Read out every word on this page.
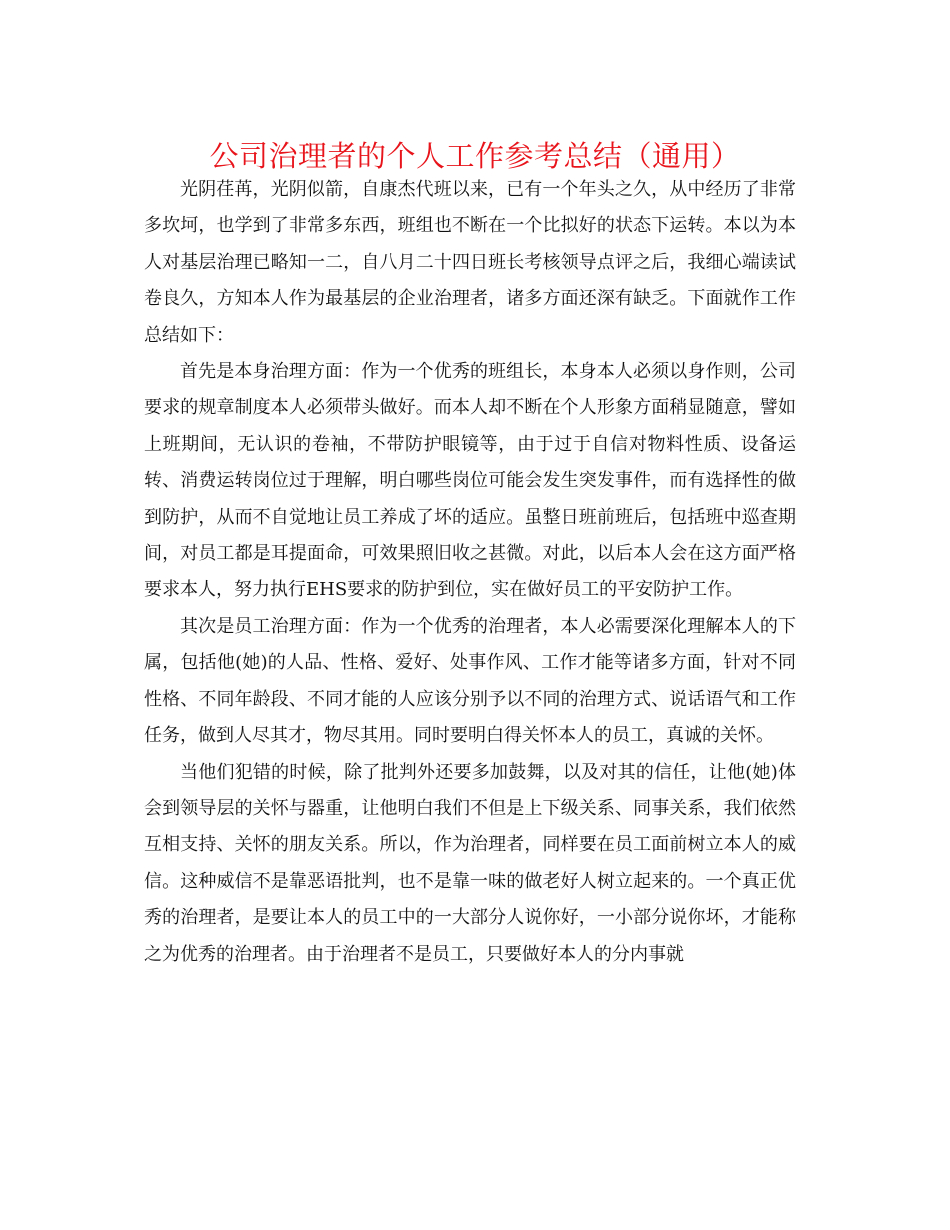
公司治理者的个人工作参考总结（通用）

光阴荏苒，光阴似箭，自康杰代班以来，已有一个年头之久，从中经历了非常多坎坷，也学到了非常多东西，班组也不断在一个比拟好的状态下运转。本以为本人对基层治理已略知一二，自八月二十四日班长考核领导点评之后，我细心端读试卷良久，方知本人作为最基层的企业治理者，诸多方面还深有缺乏。下面就作工作总结如下：

首先是本身治理方面：作为一个优秀的班组长，本身本人必须以身作则，公司要求的规章制度本人必须带头做好。而本人却不断在个人形象方面稍显随意，譬如上班期间，无认识的卷袖，不带防护眼镜等，由于过于自信对物料性质、设备运转、消费运转岗位过于理解，明白哪些岗位可能会发生突发事件，而有选择性的做到防护，从而不自觉地让员工养成了坏的适应。虽整日班前班后，包括班中巡查期间，对员工都是耳提面命，可效果照旧收之甚微。对此，以后本人会在这方面严格要求本人，努力执行EHS要求的防护到位，实在做好员工的平安防护工作。

其次是员工治理方面：作为一个优秀的治理者，本人必需要深化理解本人的下属，包括他(她)的人品、性格、爱好、处事作风、工作才能等诸多方面，针对不同性格、不同年龄段、不同才能的人应该分别予以不同的治理方式、说话语气和工作任务，做到人尽其才，物尽其用。同时要明白得关怀本人的员工，真诚的关怀。

当他们犯错的时候，除了批判外还要多加鼓舞，以及对其的信任，让他(她)体会到领导层的关怀与器重，让他明白我们不但是上下级关系、同事关系，我们依然互相支持、关怀的朋友关系。所以，作为治理者，同样要在员工面前树立本人的威信。这种威信不是靠恶语批判，也不是靠一味的做老好人树立起来的。一个真正优秀的治理者，是要让本人的员工中的一大部分人说你好，一小部分说你坏，才能称之为优秀的治理者。由于治理者不是员工，只要做好本人的分内事就
